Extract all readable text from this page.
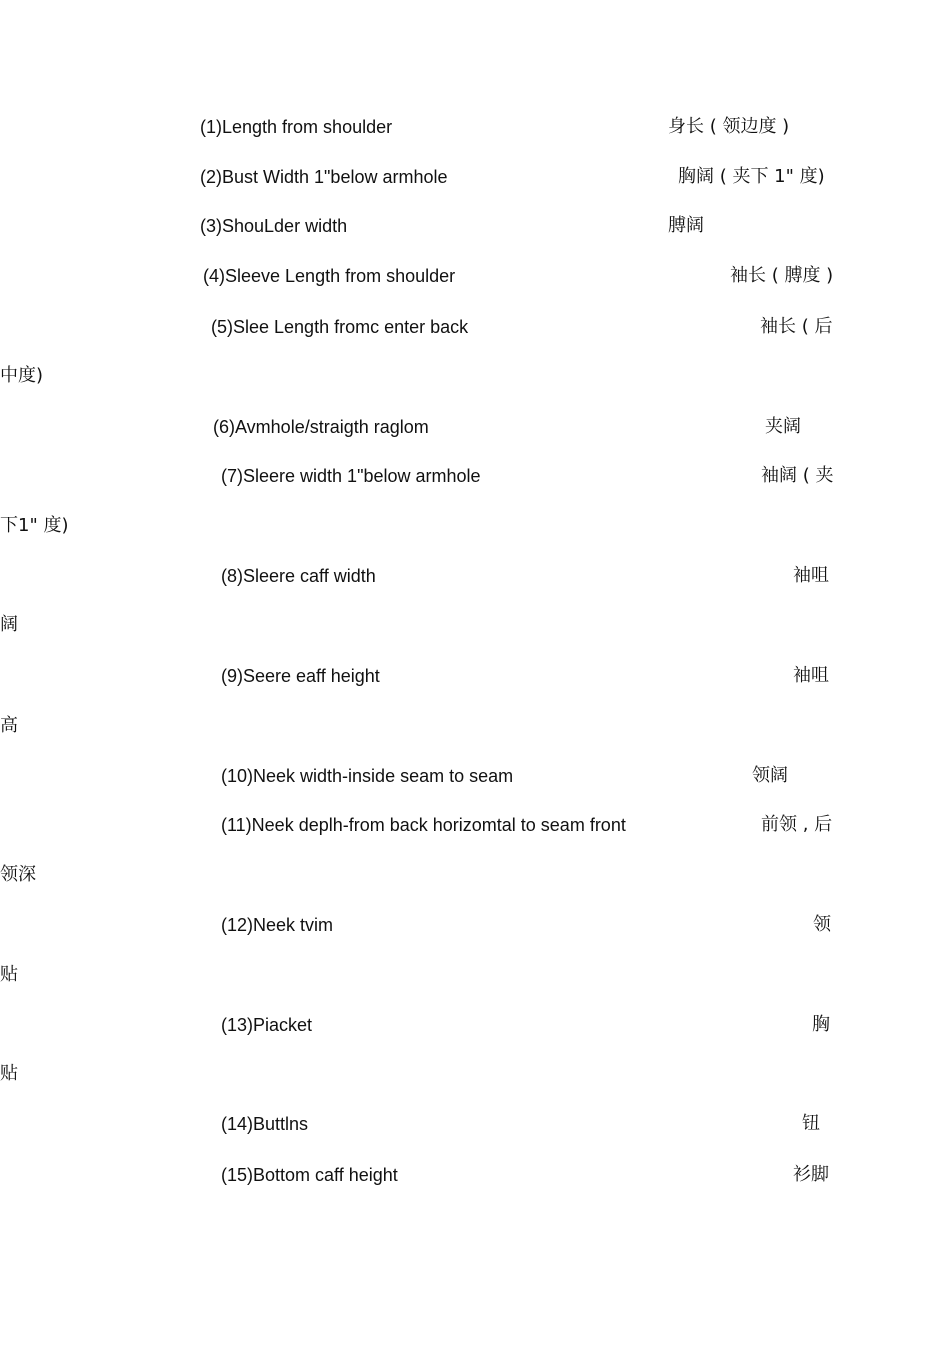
(1)Length from shoulder	身长 ( 领边度 )
(2)Bust Width 1"below armhole	胸阔 ( 夹下 1" 度)
(3)ShouLder width	膊阔
(4)Sleeve Length from shoulder	袖长 ( 膊度 )
(5)Slee Length fromc enter back	袖长 ( 后
中度)
(6)Avmhole/straigth raglom	夹阔
(7)Sleere width 1"below armhole	袖阔 ( 夹
下1" 度)
(8)Sleere caff width	袖咀
阔
(9)Seere eaff height	袖咀
高
(10)Neek width-inside seam to seam	领阔
(11)Neek deplh-from back horizomtal to seam front	前领 , 后
领深
(12)Neek tvim	领
贴
(13)Piacket	胸
贴
(14)Buttlns	钮
(15)Bottom caff height	衫脚
